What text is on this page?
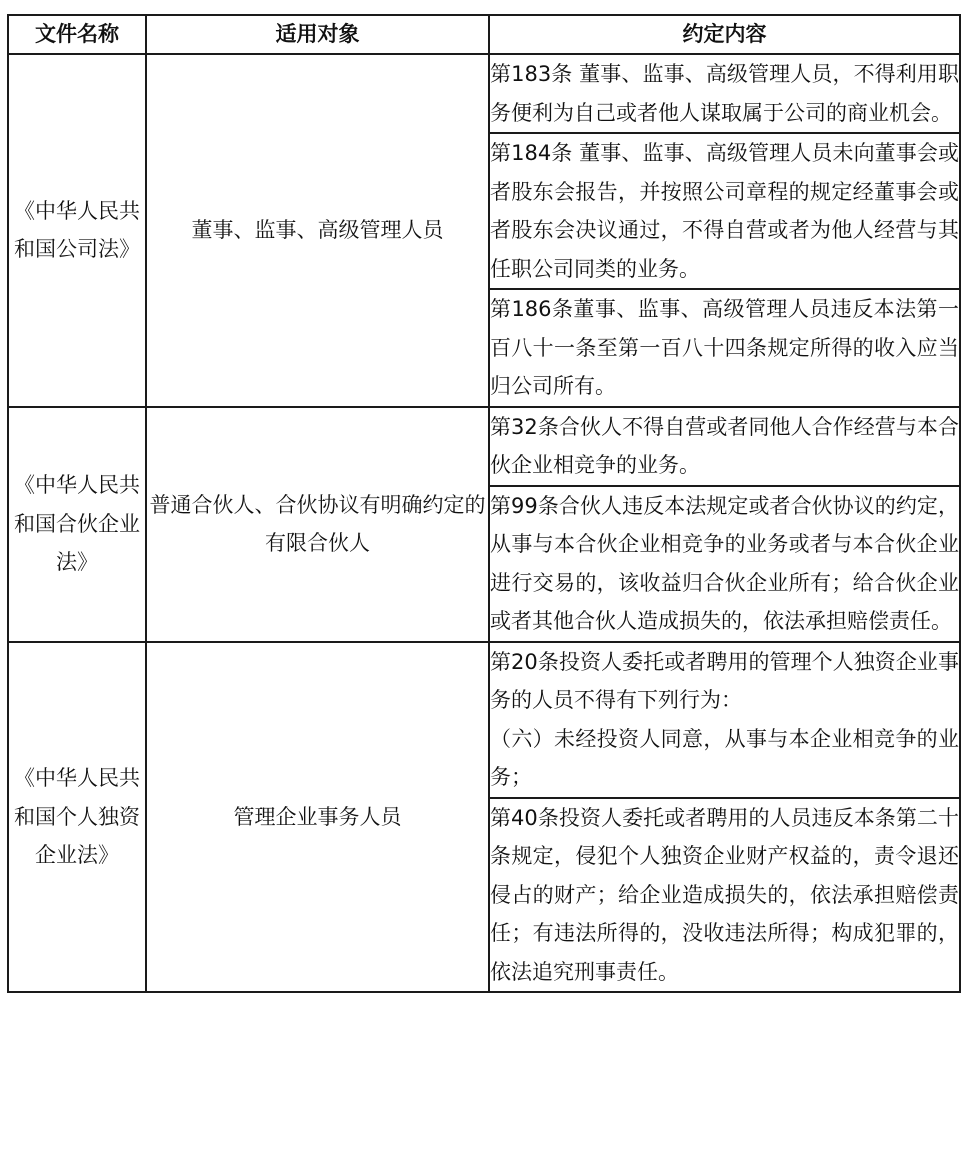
文件名称	适用对象	约定内容
《中华人民共和国公司法》	董事、监事、高级管理人员	第183条 董事、监事、高级管理人员，不得利用职务便利为自己或者他人谋取属于公司的商业机会。
		第184条 董事、监事、高级管理人员未向董事会或者股东会报告，并按照公司章程的规定经董事会或者股东会决议通过，不得自营或者为他人经营与其任职公司同类的业务。
		第186条董事、监事、高级管理人员违反本法第一百八十一条至第一百八十四条规定所得的收入应当归公司所有。
《中华人民共和国合伙企业法》	普通合伙人、合伙协议有明确约定的有限合伙人	第32条合伙人不得自营或者同他人合作经营与本合伙企业相竞争的业务。
		第99条合伙人违反本法规定或者合伙协议的约定，从事与本合伙企业相竞争的业务或者与本合伙企业进行交易的，该收益归合伙企业所有；给合伙企业或者其他合伙人造成损失的，依法承担赔偿责任。
《中华人民共和国个人独资企业法》	管理企业事务人员	第20条投资人委托或者聘用的管理个人独资企业事务的人员不得有下列行为：
（六）未经投资人同意，从事与本企业相竞争的业务；

		第40条投资人委托或者聘用的人员违反本条第二十条规定，侵犯个人独资企业财产权益的，责令退还侵占的财产；给企业造成损失的，依法承担赔偿责任；有违法所得的，没收违法所得；构成犯罪的，依法追究刑事责任。
